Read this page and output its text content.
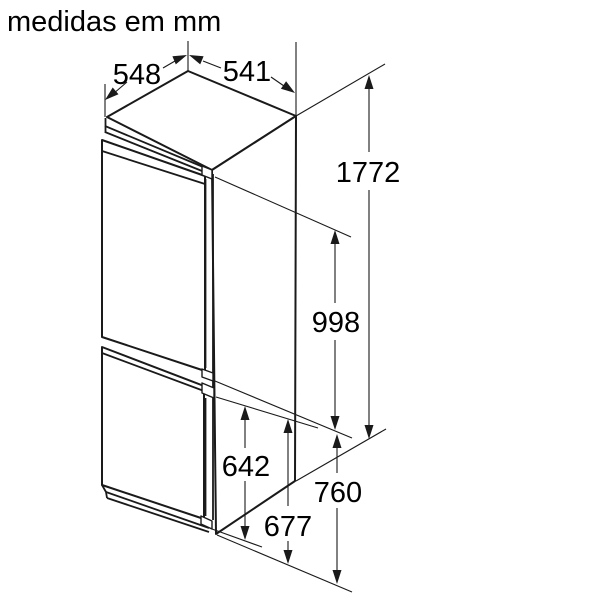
548 541
1772
998
642
677
760
medidas em mm
